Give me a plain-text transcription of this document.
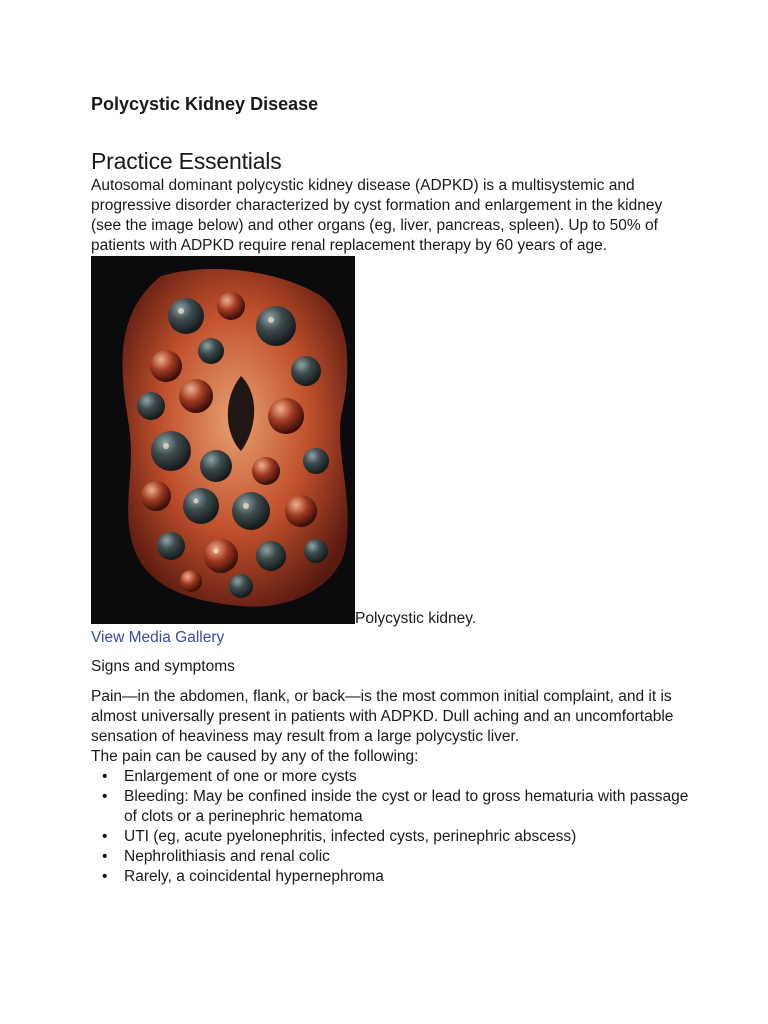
Polycystic Kidney Disease
Practice Essentials

Autosomal dominant polycystic kidney disease (ADPKD) is a multisystemic and progressive disorder characterized by cyst formation and enlargement in the kidney (see the image below) and other organs (eg, liver, pancreas, spleen). Up to 50% of patients with ADPKD require renal replacement therapy by 60 years of age.

Polycystic kidney.
View Media Gallery

Signs and symptoms

Pain—in the abdomen, flank, or back—is the most common initial complaint, and it is almost universally present in patients with ADPKD. Dull aching and an uncomfortable sensation of heaviness may result from a large polycystic liver.

The pain can be caused by any of the following:

• Enlargement of one or more cysts
• Bleeding: May be confined inside the cyst or lead to gross hematuria with passage of clots or a perinephric hematoma
• UTI (eg, acute pyelonephritis, infected cysts, perinephric abscess)
• Nephrolithiasis and renal colic
• Rarely, a coincidental hypernephroma
